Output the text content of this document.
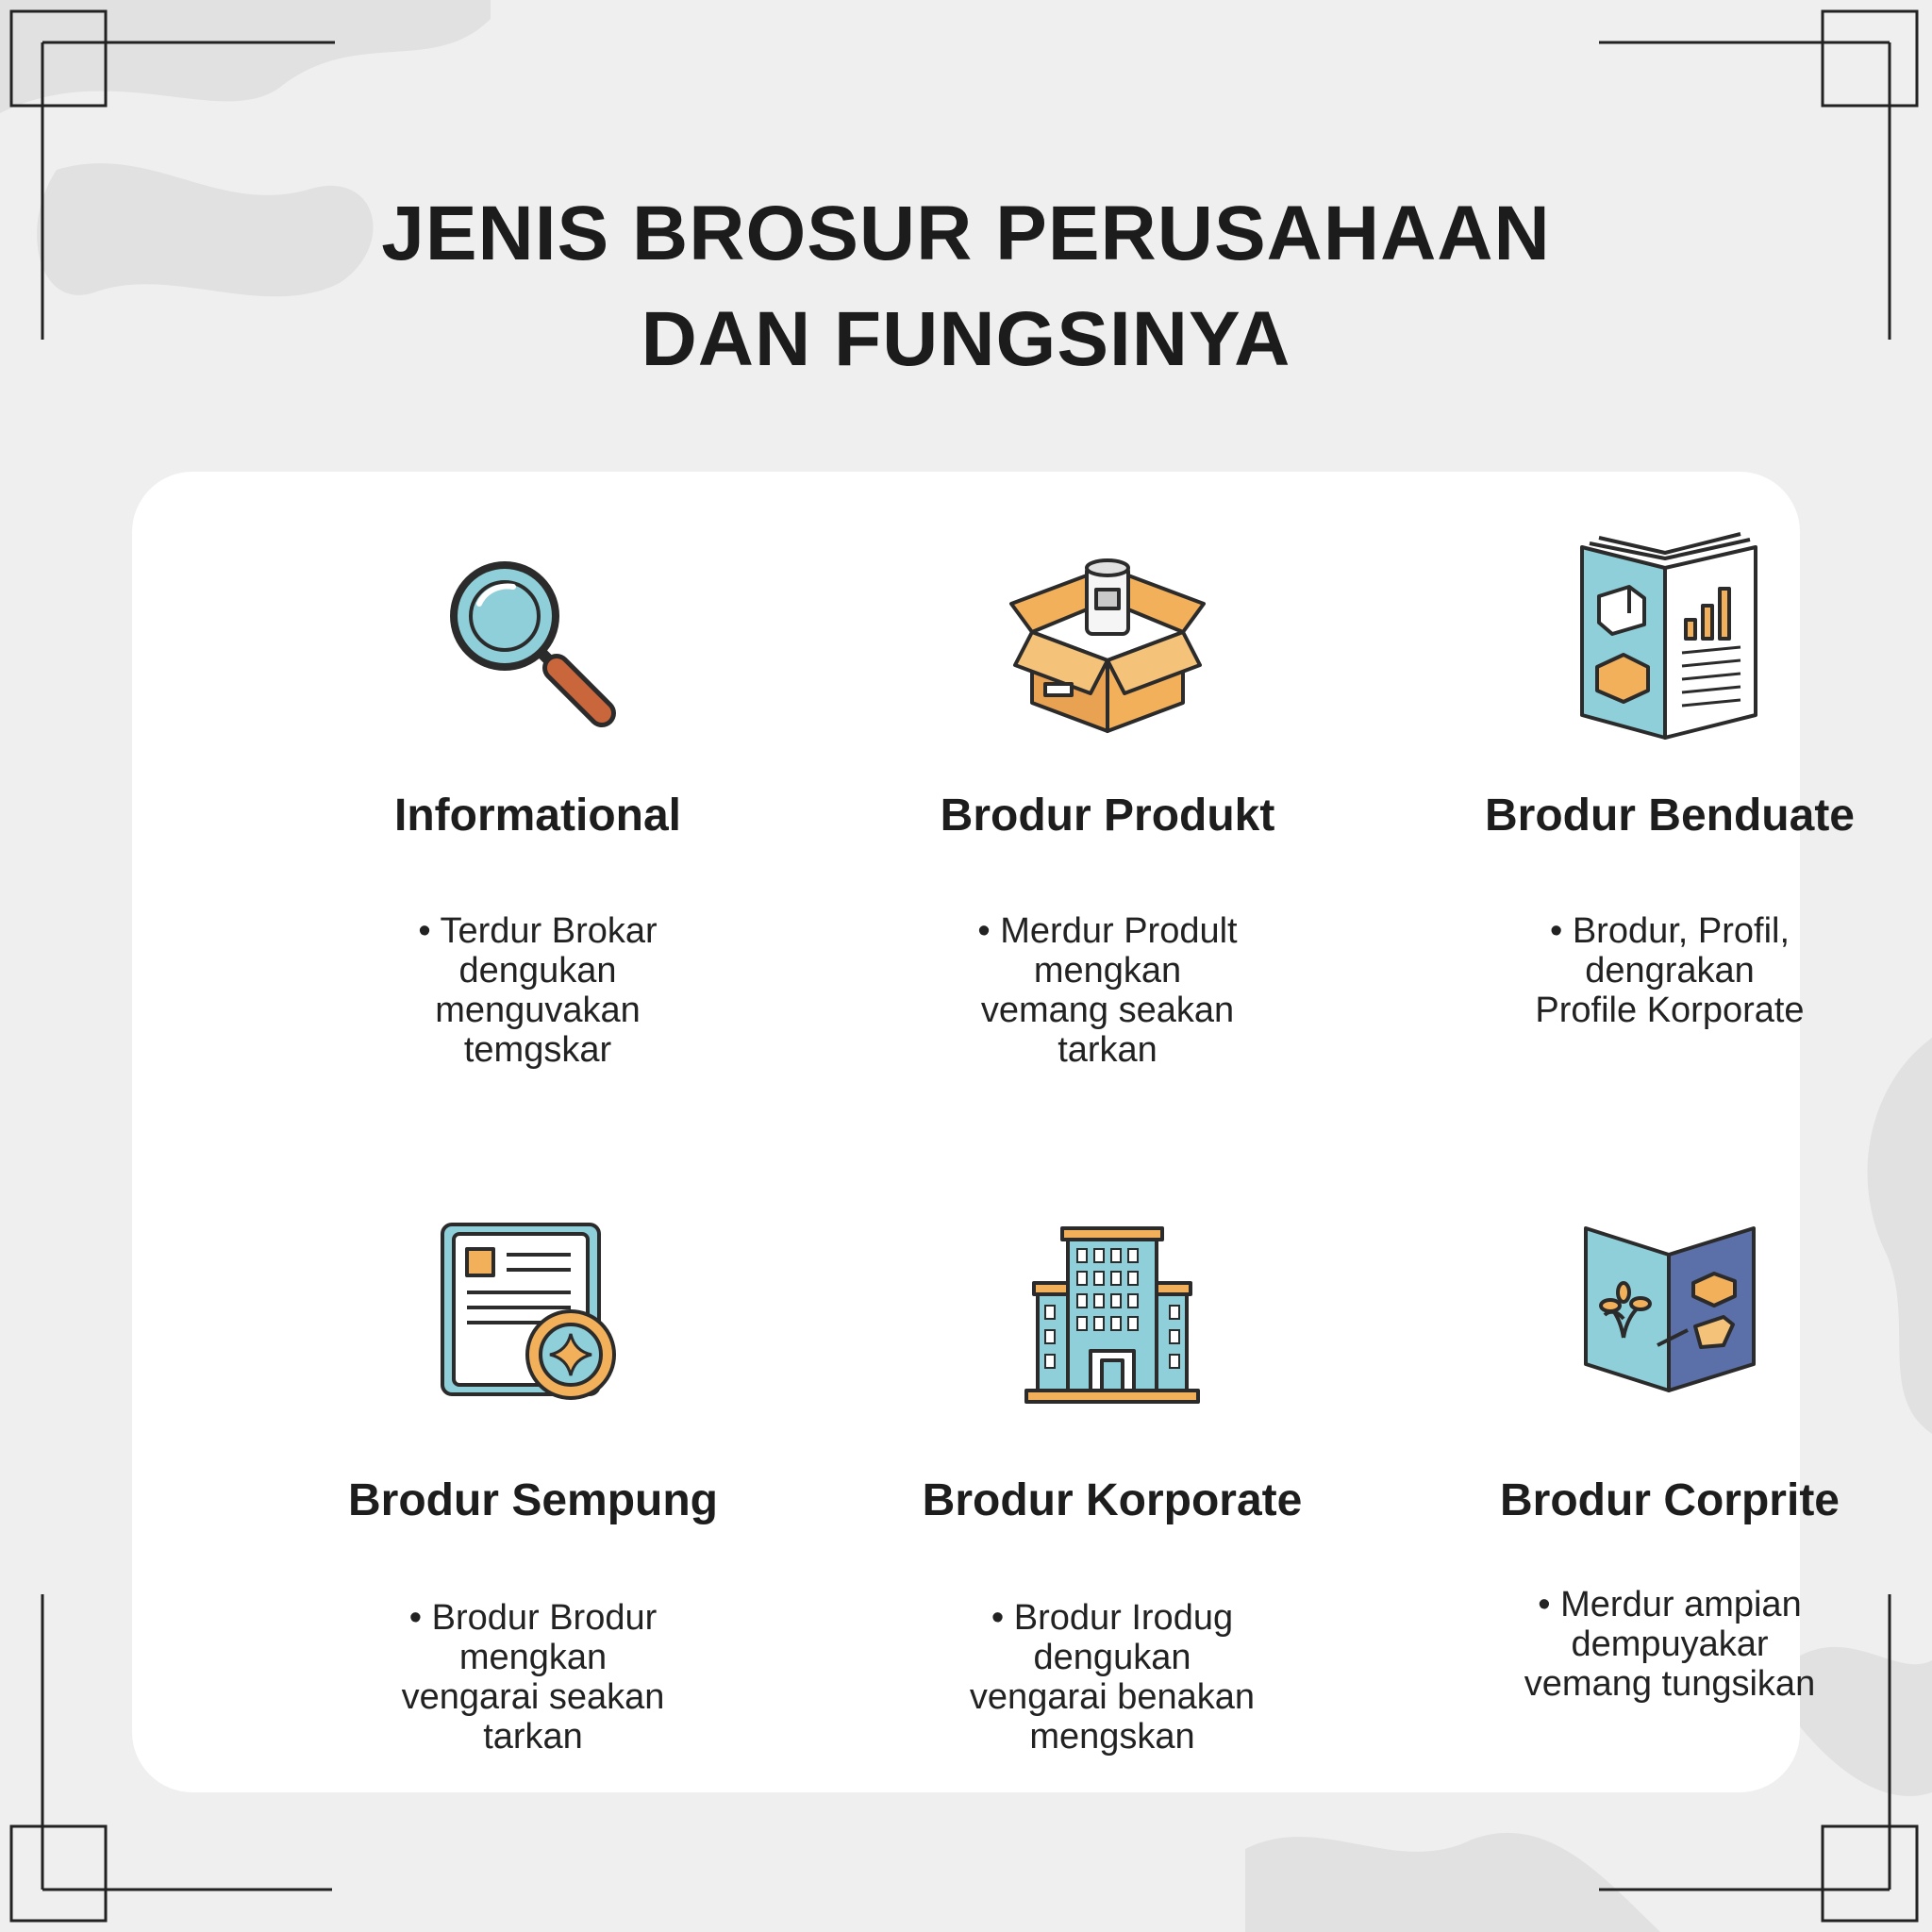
JENIS BROSUR PERUSAHAAN
DAN FUNGSINYA
Informational
• Terdur Brokar
dengukan
menguvakan
temgskar
Brodur Produkt
• Merdur Prodult
mengkan
vemang seakan
tarkan
Brodur Benduate
• Brodur, Profil,
dengrakan
Profile Korporate
Brodur Sempung
• Brodur Brodur
mengkan
vengarai seakan
tarkan
Brodur Korporate
• Brodur Irodug
dengukan
vengarai benakan
mengskan
Brodur Corprite
• Merdur ampian
dempuyakar
vemang tungsikan
